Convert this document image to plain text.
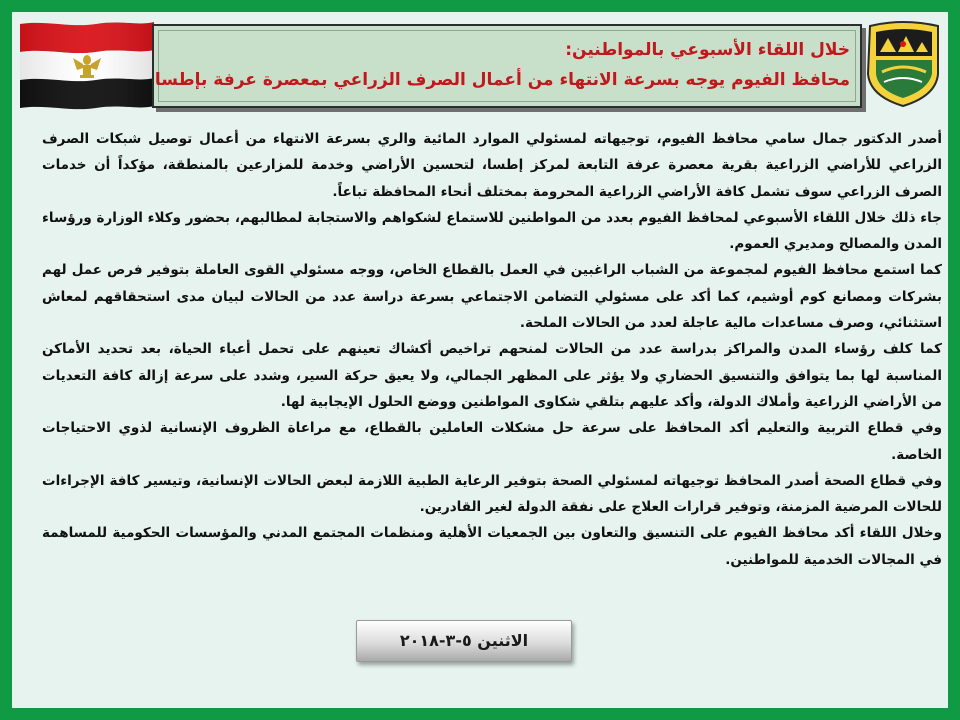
خلال اللقاء الأسبوعي بالمواطنين:
محافظ الفيوم يوجه بسرعة الانتهاء من أعمال الصرف الزراعي بمعصرة عرفة بإطسا

أصدر الدكتور جمال سامي محافظ الفيوم، توجيهاته لمسئولي الموارد المائية والري بسرعة الانتهاء من أعمال توصيل شبكات الصرف الزراعي للأراضي الزراعية بقرية معصرة عرفة التابعة لمركز إطسا، لتحسين الأراضي وخدمة للمزارعين بالمنطقة، مؤكداً أن خدمات الصرف الزراعي سوف تشمل كافة الأراضي الزراعية المحرومة بمختلف أنحاء المحافظة تباعاً.

جاء ذلك خلال اللقاء الأسبوعي لمحافظ الفيوم بعدد من المواطنين للاستماع لشكواهم والاستجابة لمطالبهم، بحضور وكلاء الوزارة ورؤساء المدن والمصالح ومديري العموم.

كما استمع محافظ الفيوم لمجموعة من الشباب الراغبين في العمل بالقطاع الخاص، ووجه مسئولي القوى العاملة بتوفير فرص عمل لهم بشركات ومصانع كوم أوشيم، كما أكد على مسئولي التضامن الاجتماعي بسرعة دراسة عدد من الحالات لبيان مدى استحقاقهم لمعاش استثنائي، وصرف مساعدات مالية عاجلة لعدد من الحالات الملحة.

كما كلف رؤساء المدن والمراكز بدراسة عدد من الحالات لمنحهم تراخيص أكشاك تعينهم على تحمل أعباء الحياة، بعد تحديد الأماكن المناسبة لها بما يتوافق والتنسيق الحضاري ولا يؤثر على المظهر الجمالي، ولا يعيق حركة السير، وشدد على سرعة إزالة كافة التعديات من الأراضي الزراعية وأملاك الدولة، وأكد عليهم بتلقي شكاوى المواطنين ووضع الحلول الإيجابية لها.

وفي قطاع التربية والتعليم أكد المحافظ على سرعة حل مشكلات العاملين بالقطاع، مع مراعاة الظروف الإنسانية لذوي الاحتياجات الخاصة.

وفي قطاع الصحة أصدر المحافظ توجيهاته لمسئولي الصحة بتوفير الرعاية الطبية اللازمة لبعض الحالات الإنسانية، وتيسير كافة الإجراءات للحالات المرضية المزمنة، وتوفير قرارات العلاج على نفقة الدولة لغير القادرين.

وخلال اللقاء أكد محافظ الفيوم على التنسيق والتعاون بين الجمعيات الأهلية ومنظمات المجتمع المدني والمؤسسات الحكومية للمساهمة في المجالات الخدمية للمواطنين.

الاثنين ٥-٣-٢٠١٨
